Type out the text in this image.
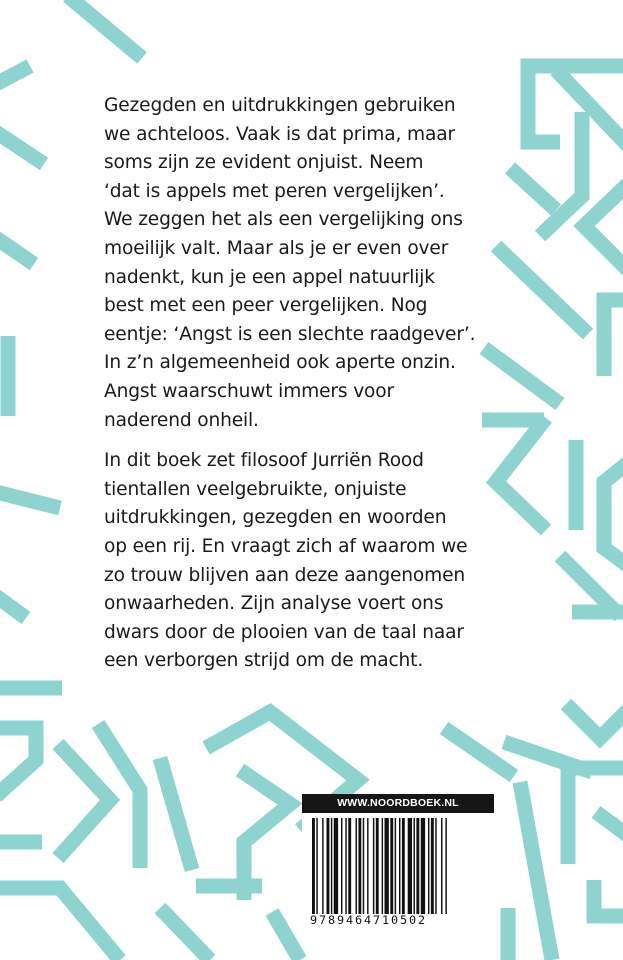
Gezegden en uitdrukkingen gebruiken
we achteloos. Vaak is dat prima, maar
soms zijn ze evident onjuist. Neem
‘dat is appels met peren vergelijken’.
We zeggen het als een vergelijking ons
moeilijk valt. Maar als je er even over
nadenkt, kun je een appel natuurlijk
best met een peer vergelijken. Nog
eentje: ‘Angst is een slechte raadgever’.
In z’n algemeenheid ook aperte onzin.
Angst waarschuwt immers voor
naderend onheil.

In dit boek zet filosoof Jurriën Rood
tientallen veelgebruikte, onjuiste
uitdrukkingen, gezegden en woorden
op een rij. En vraagt zich af waarom we
zo trouw blijven aan deze aangenomen
onwaarheden. Zijn analyse voert ons
dwars door de plooien van de taal naar
een verborgen strijd om de macht.

WWW.NOORDBOEK.NL
9789464710502
